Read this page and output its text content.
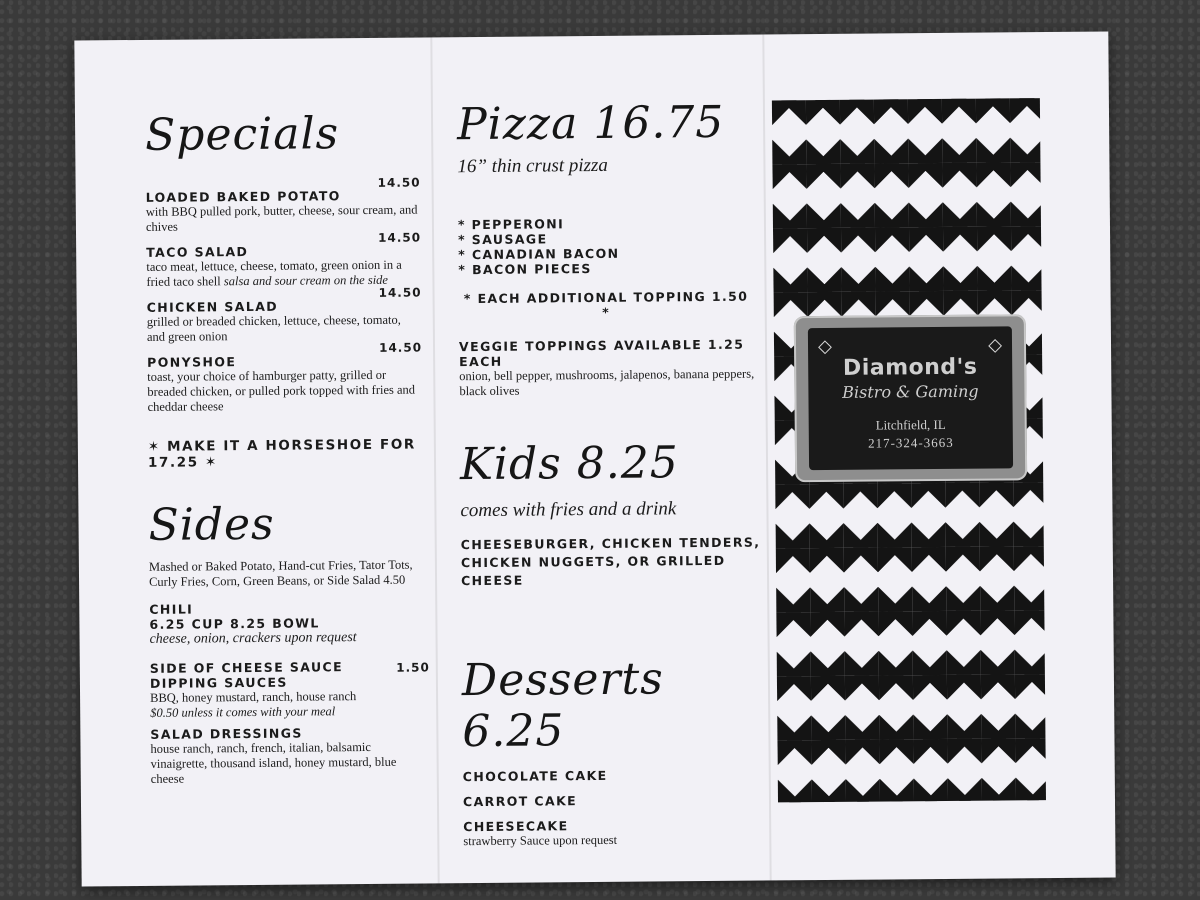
Specials
14.50
LOADED BAKED POTATO
with BBQ pulled pork, butter, cheese, sour cream, and chives
14.50
TACO SALAD
taco meat, lettuce, cheese, tomato, green onion in a fried taco shell salsa and sour cream on the side
14.50
CHICKEN SALAD
grilled or breaded chicken, lettuce, cheese, tomato, and green onion
14.50
PONYSHOE
toast, your choice of hamburger patty, grilled or breaded chicken, or pulled pork topped with fries and cheddar cheese
✶ MAKE IT A HORSESHOE FOR 17.25 ✶
Sides
Mashed or Baked Potato, Hand-cut Fries, Tator Tots, Curly Fries, Corn, Green Beans, or Side Salad 4.50
CHILI
6.25 CUP 8.25 BOWL
cheese, onion, crackers upon request
1.50
SIDE OF CHEESE SAUCE
DIPPING SAUCES
BBQ, honey mustard, ranch, house ranch
$0.50 unless it comes with your meal
SALAD DRESSINGS
house ranch, ranch, french, italian, balsamic vinaigrette, thousand island, honey mustard, blue cheese
Pizza 16.75
16” thin crust pizza
* PEPPERONI
* SAUSAGE
* CANADIAN BACON
* BACON PIECES
* EACH ADDITIONAL TOPPING 1.50 *
VEGGIE TOPPINGS AVAILABLE 1.25 EACH
onion, bell pepper, mushrooms, jalapenos, banana peppers, black olives
Kids 8.25
comes with fries and a drink
CHEESEBURGER, CHICKEN TENDERS, CHICKEN NUGGETS, OR GRILLED CHEESE
Desserts 6.25
CHOCOLATE CAKE
CARROT CAKE
CHEESECAKE
strawberry Sauce upon request
◇	◇
Diamond's
Bistro & Gaming
Litchfield, IL
217-324-3663
